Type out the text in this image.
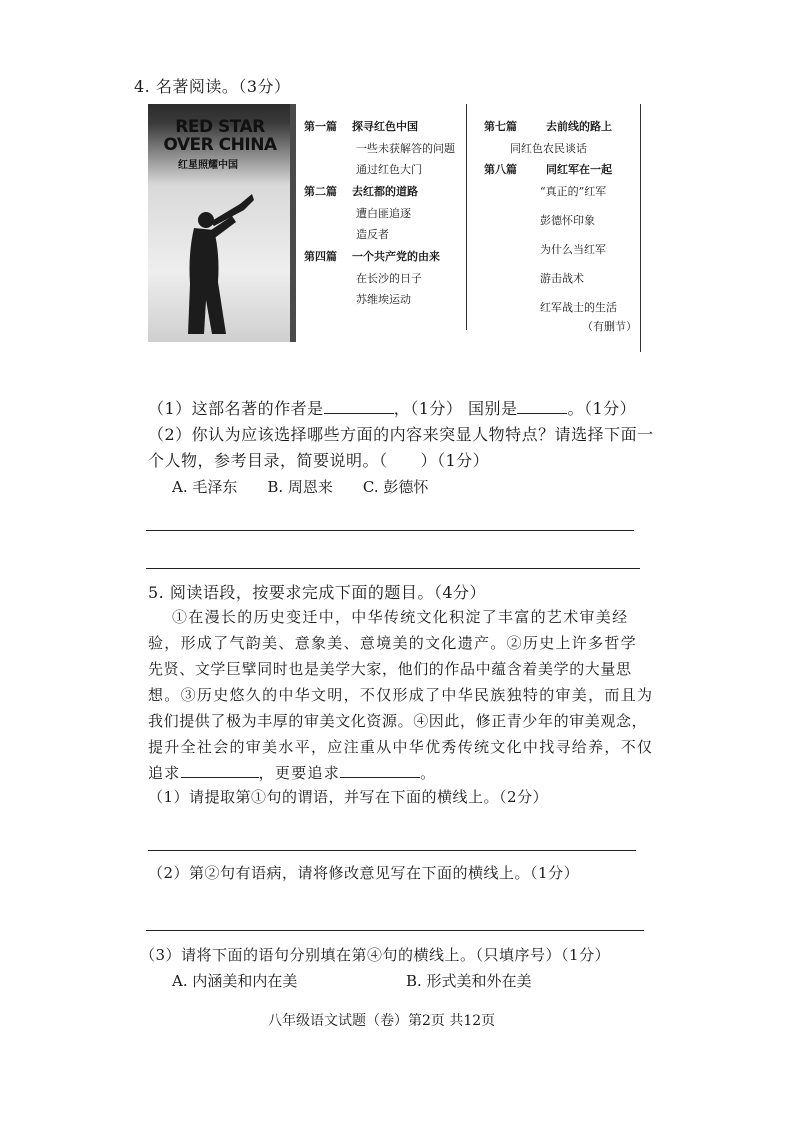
4. 名著阅读。（3分）
RED STAR
OVER CHINA
红星照耀中国
第一篇 探寻红色中国
一些未获解答的问题
通过红色大门
第二篇 去红都的道路
遭白匪追逐
造反者
第四篇 一个共产党的由来
在长沙的日子
苏维埃运动
第七篇	去前线的路上
同红色农民谈话
第八篇	同红军在一起
“真正的”红军
彭德怀印象
为什么当红军
游击战术
红军战士的生活
（有删节）
（1）这部名著的作者是	，（1分） 国别是	。（1分）
（2）你认为应该选择哪些方面的内容来突显人物特点？请选择下面一
个人物，参考目录，简要说明。（　　）（1分）
A. 毛泽东　　B. 周恩来　　C. 彭德怀
5. 阅读语段，按要求完成下面的题目。（4分）
①在漫长的历史变迁中，中华传统文化积淀了丰富的艺术审美经
验，形成了气韵美、意象美、意境美的文化遗产。②历史上许多哲学
先贤、文学巨擘同时也是美学大家，他们的作品中蕴含着美学的大量思
想。③历史悠久的中华文明，不仅形成了中华民族独特的审美，而且为
我们提供了极为丰厚的审美文化资源。④因此，修正青少年的审美观念，
提升全社会的审美水平，应注重从中华优秀传统文化中找寻给养，不仅
追求	，更要追求	。
（1）请提取第①句的谓语，并写在下面的横线上。（2分）
（2）第②句有语病，请将修改意见写在下面的横线上。（1分）
（3）请将下面的语句分别填在第④句的横线上。（只填序号）（1分）
A. 内涵美和内在美	B. 形式美和外在美
八年级语文试题（卷）第2页 共12页
